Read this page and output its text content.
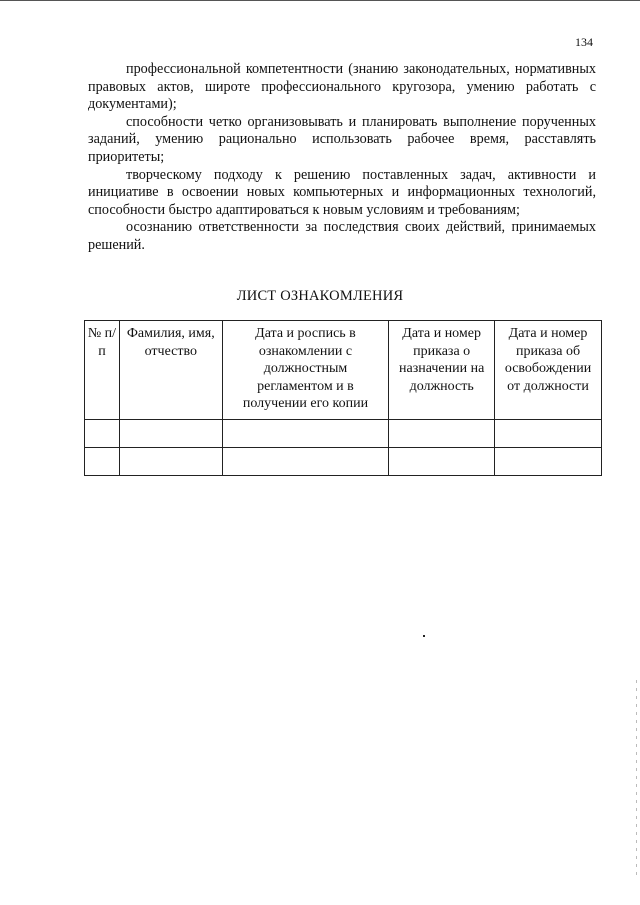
134

профессиональной компетентности (знанию законодательных, нормативных правовых актов, широте профессионального кругозора, умению работать с документами);

способности четко организовывать и планировать выполнение порученных заданий, умению рационально использовать рабочее время, расставлять приоритеты;

творческому подходу к решению поставленных задач, активности и инициативе в освоении новых компьютерных и информационных технологий, способности быстро адаптироваться к новым условиям и требованиям;

осознанию ответственности за последствия своих действий, принимаемых решений.

ЛИСТ ОЗНАКОМЛЕНИЯ
№ п/п	Фамилия, имя, отчество	Дата и роспись в ознакомлении с должностным регламентом и в получении его копии	Дата и номер приказа о назначении на должность	Дата и номер приказа об освобождении от должности
